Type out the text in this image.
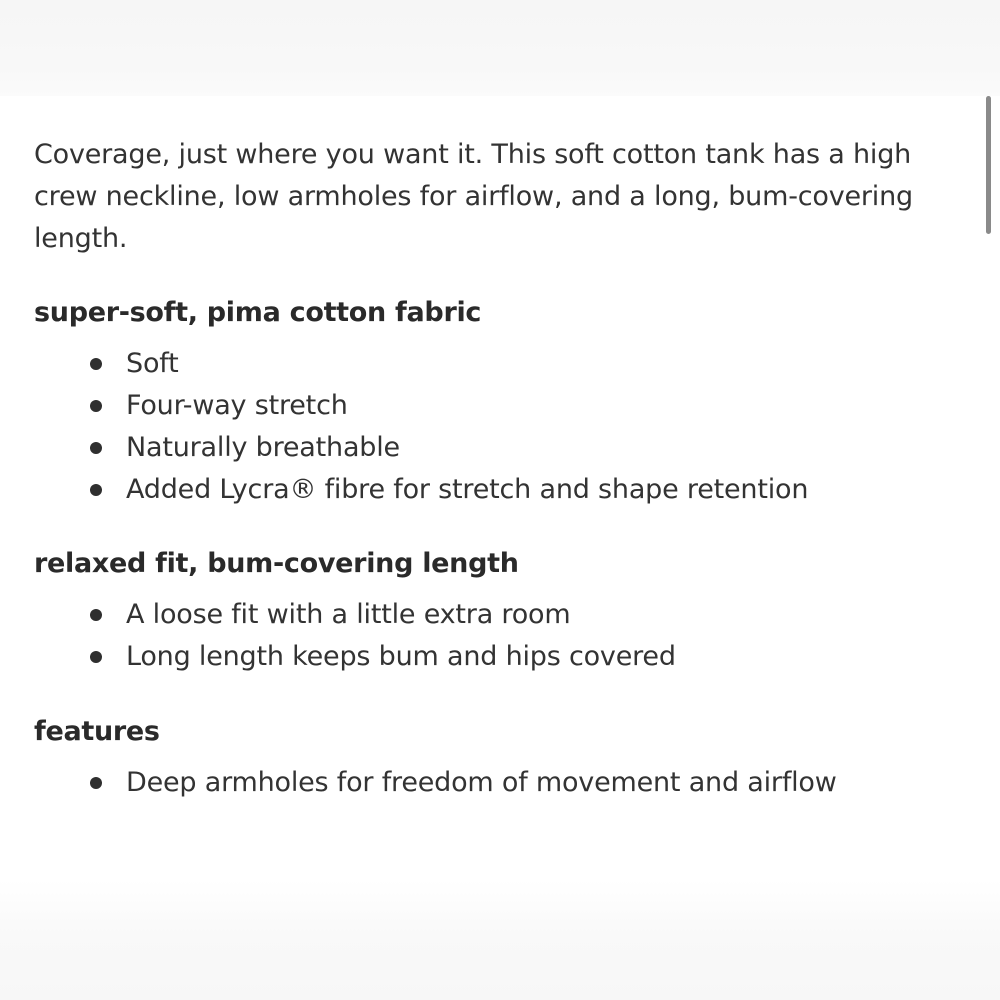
Coverage, just where you want it. This soft cotton tank has a high crew neckline, low armholes for airflow, and a long, bum-covering length.

super-soft, pima cotton fabric
Soft
Four-way stretch
Naturally breathable
Added Lycra® fibre for stretch and shape retention
relaxed fit, bum-covering length
A loose fit with a little extra room
Long length keeps bum and hips covered
features
Deep armholes for freedom of movement and airflow
